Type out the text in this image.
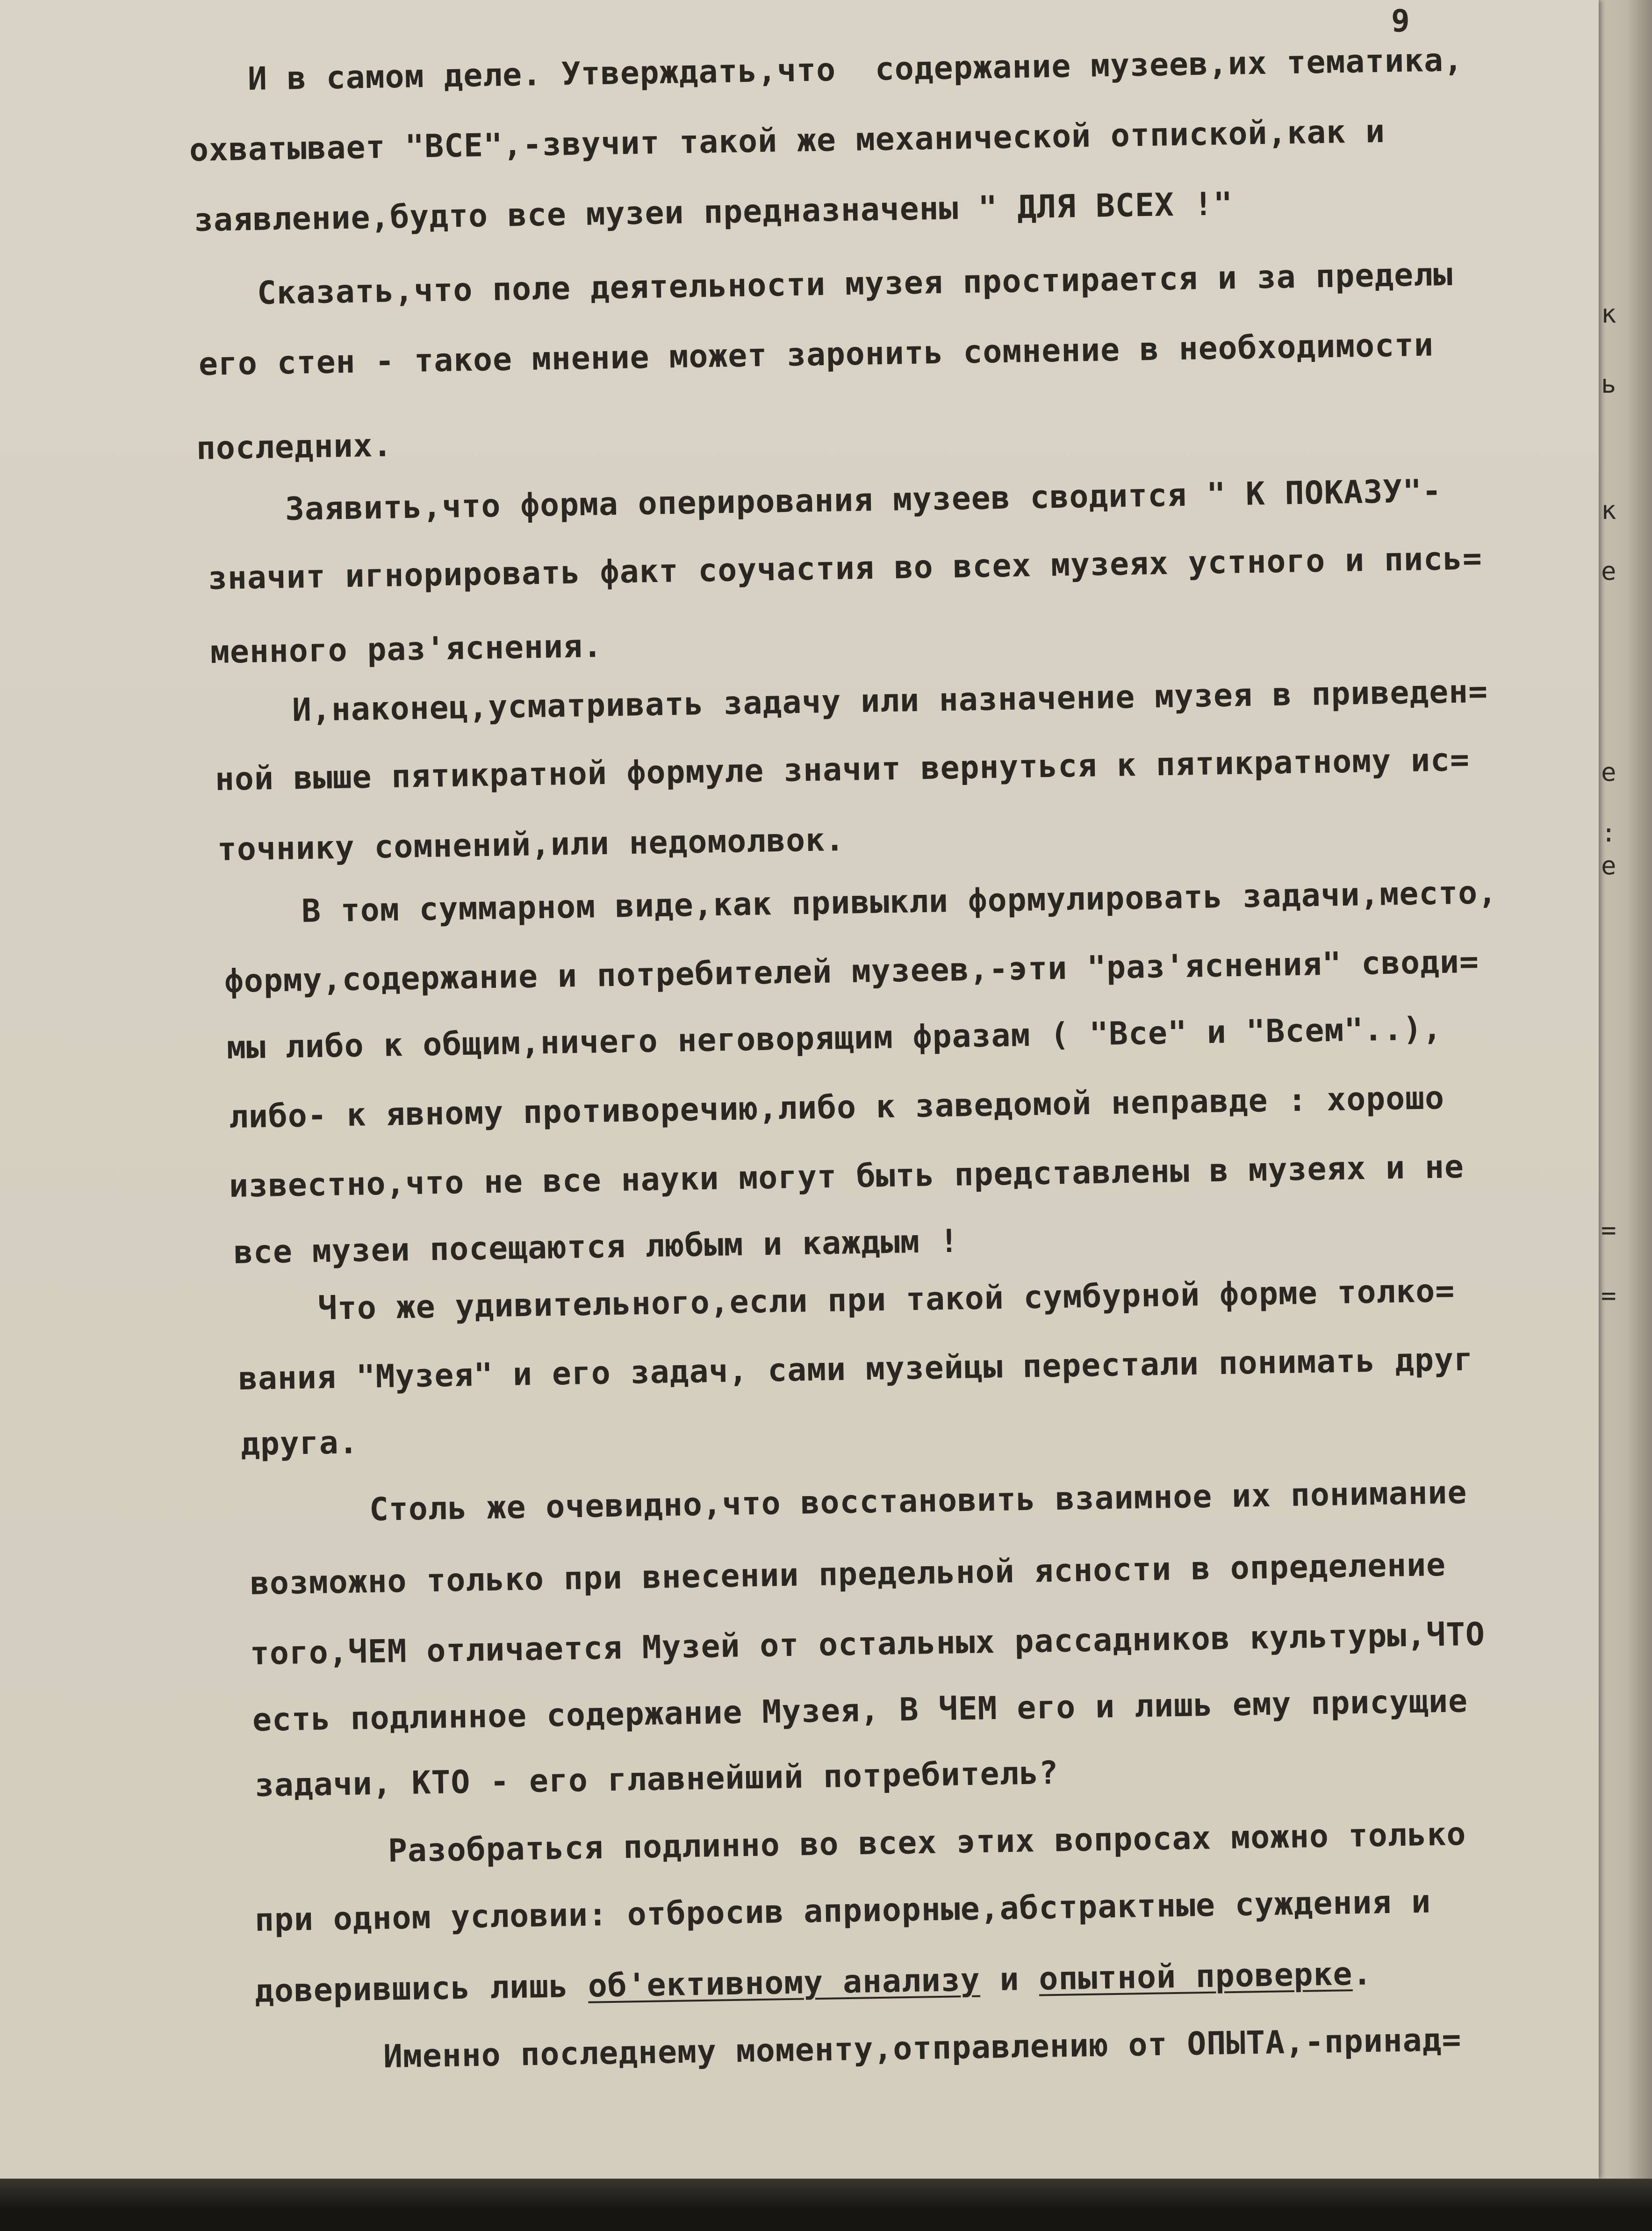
к
ь
к
е
е
:
е
=
=
9
И в самом деле. Утверждать,что  содержание музеев,их тематика,
охватывает "ВСЕ",-звучит такой же механической отпиской,как и
заявление,будто все музеи предназначены " ДЛЯ ВСЕХ !"
Сказать,что поле деятельности музея простирается и за пределы
его стен - такое мнение может заронить сомнение в необходимости
последних.
Заявить,что форма оперирования музеев сводится " К ПОКАЗУ"-
значит игнорировать факт соучастия во всех музеях устного и пись=
менного раз'яснения.
И,наконец,усматривать задачу или назначение музея в приведен=
ной выше пятикратной формуле значит вернуться к пятикратному ис=
точнику сомнений,или недомолвок.
В том суммарном виде,как привыкли формулировать задачи,место,
форму,содержание и потребителей музеев,-эти "раз'яснения" своди=
мы либо к общим,ничего неговорящим фразам ( "Все" и "Всем"..),
либо- к явному противоречию,либо к заведомой неправде : хорошо
известно,что не все науки могут быть представлены в музеях и не
все музеи посещаются любым и каждым !
Что же удивительного,если при такой сумбурной форме толко=
вания "Музея" и его задач, сами музейцы перестали понимать друг
друга.
Столь же очевидно,что восстановить взаимное их понимание
возможно только при внесении предельной ясности в определение
того,ЧЕМ отличается Музей от остальных рассадников культуры,ЧТО
есть подлинное содержание Музея, В ЧЕМ его и лишь ему присущие
задачи, КТО - его главнейший потребитель?
Разобраться подлинно во всех этих вопросах можно только
при одном условии: отбросив априорные,абстрактные суждения и
доверившись лишь об'ективному анализу и опытной проверке.
Именно последнему моменту,отправлению от ОПЫТА,-принад=
